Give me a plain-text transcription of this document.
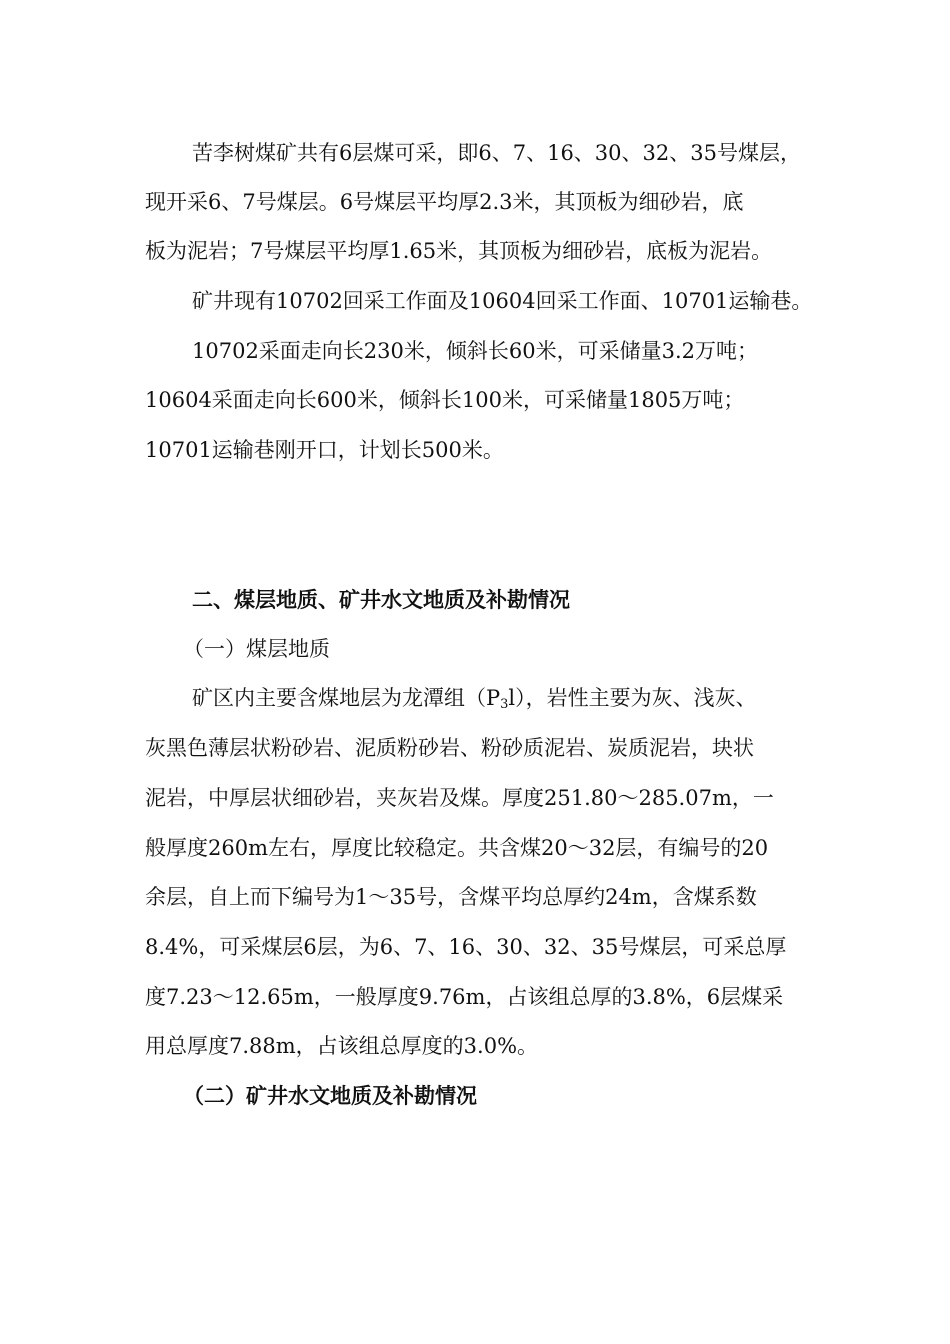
苦李树煤矿共有6层煤可采，即6、7、16、30、32、35号煤层，
现开采6、7号煤层。6号煤层平均厚2.3米，其顶板为细砂岩，底
板为泥岩；7号煤层平均厚1.65米，其顶板为细砂岩，底板为泥岩。
矿井现有10702回采工作面及10604回采工作面、10701运输巷。
10702采面走向长230米，倾斜长60米，可采储量3.2万吨；
10604采面走向长600米，倾斜长100米，可采储量1805万吨；
10701运输巷刚开口，计划长500米。
二、煤层地质、矿井水文地质及补勘情况
（一）煤层地质
矿区内主要含煤地层为龙潭组$(P_3l)$，岩性主要为灰、浅灰、
灰黑色薄层状粉砂岩、泥质粉砂岩、粉砂质泥岩、炭质泥岩，块状
泥岩，中厚层状细砂岩，夹灰岩及煤。厚度251.80～285.07m，一
般厚度260m左右，厚度比较稳定。共含煤20～32层，有编号的20
余层，自上而下编号为1～35号，含煤平均总厚约24m，含煤系数
8.4%，可采煤层6层，为6、7、16、30、32、35号煤层，可采总厚
度7.23～12.65m，一般厚度9.76m，占该组总厚的3.8%，6层煤采
用总厚度7.88m，占该组总厚度的3.0%。
（二）矿井水文地质及补勘情况
